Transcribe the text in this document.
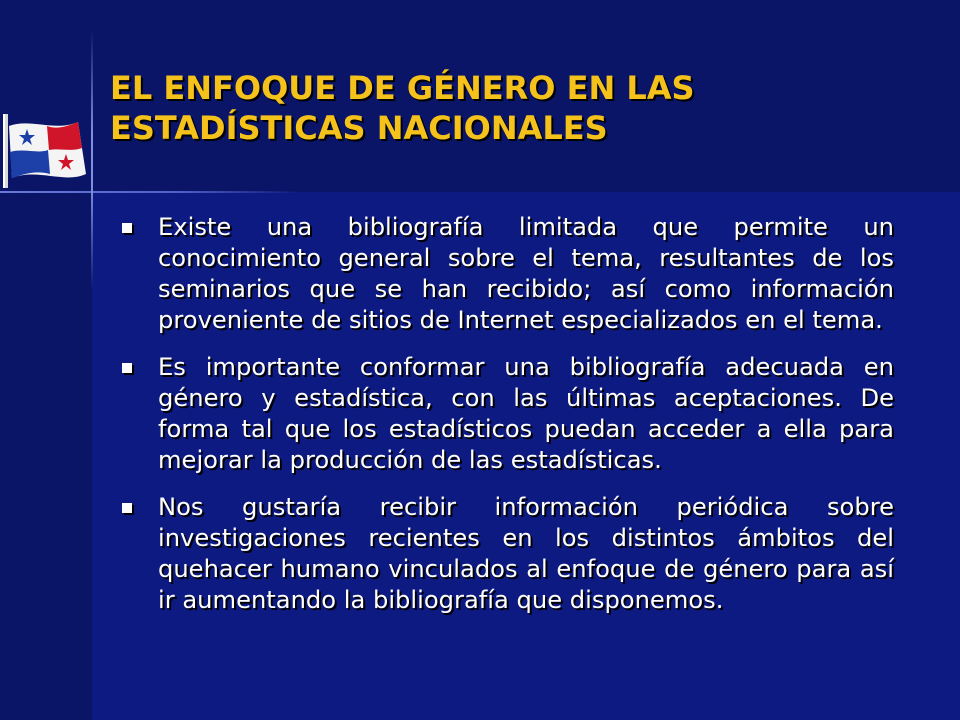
EL ENFOQUE DE GÉNERO EN LAS ESTADÍSTICAS NACIONALES
Existe una bibliografía limitada que permite un conocimiento general sobre el tema, resultantes de los seminarios que se han recibido; así como información proveniente de sitios de Internet especializados en el tema.
Es importante conformar una bibliografía adecuada en género y estadística, con las últimas aceptaciones. De forma tal que los estadísticos puedan acceder a ella para mejorar la producción de las estadísticas.
Nos gustaría recibir información periódica sobre investigaciones recientes en los distintos ámbitos del quehacer humano vinculados al enfoque de género para así ir aumentando la bibliografía que disponemos.
